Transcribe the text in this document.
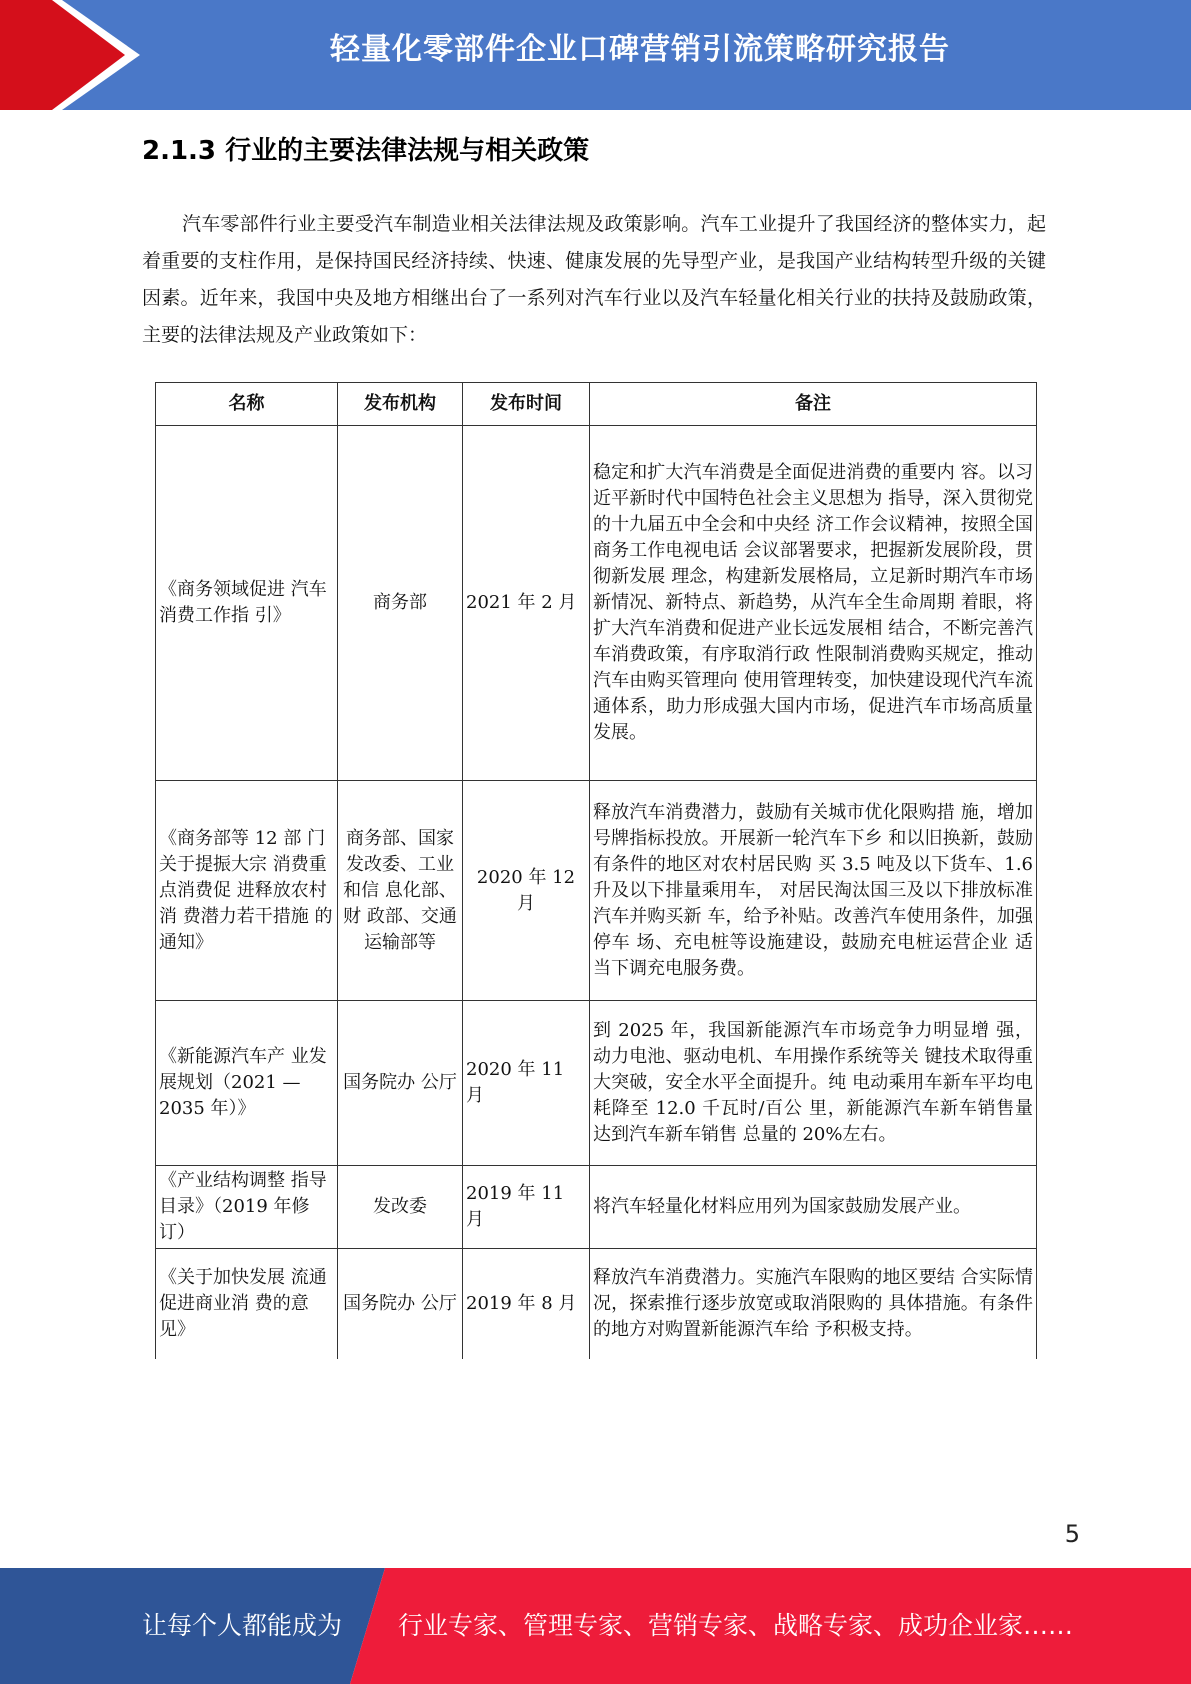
轻量化零部件企业口碑营销引流策略研究报告
2.1.3 行业的主要法律法规与相关政策
汽车零部件行业主要受汽车制造业相关法律法规及政策影响。汽车工业提升了我国经济的整体实力，起着重要的支柱作用，是保持国民经济持续、快速、健康发展的先导型产业，是我国产业结构转型升级的关键因素。近年来，我国中央及地方相继出台了一系列对汽车行业以及汽车轻量化相关行业的扶持及鼓励政策，主要的法律法规及产业政策如下：
名称	发布机构	发布时间	备注
《商务领域促进 汽车消费工作指 引》	商务部	2021 年 2 月	稳定和扩大汽车消费是全面促进消费的重要内 容。以习近平新时代中国特色社会主义思想为 指导，深入贯彻党的十九届五中全会和中央经 济工作会议精神，按照全国商务工作电视电话 会议部署要求，把握新发展阶段，贯彻新发展 理念，构建新发展格局，立足新时期汽车市场 新情况、新特点、新趋势，从汽车全生命周期 着眼，将扩大汽车消费和促进产业长远发展相 结合，不断完善汽车消费政策，有序取消行政 性限制消费购买规定，推动汽车由购买管理向 使用管理转变，加快建设现代汽车流通体系，助力形成强大国内市场，促进汽车市场高质量 发展。
《商务部等 12 部 门关于提振大宗 消费重点消费促 进释放农村消 费潜力若干措施 的通知》	商务部、国家发改委、工业和信 息化部、财 政部、交通运输部等	2020 年 12 月	释放汽车消费潜力，鼓励有关城市优化限购措 施，增加号牌指标投放。开展新一轮汽车下乡 和以旧换新，鼓励有条件的地区对农村居民购 买 3.5 吨及以下货车、1.6 升及以下排量乘用车， 对居民淘汰国三及以下排放标准汽车并购买新 车，给予补贴。改善汽车使用条件，加强停车 场、充电桩等设施建设，鼓励充电桩运营企业 适当下调充电服务费。
《新能源汽车产 业发展规划（2021 —2035 年）》	国务院办 公厅	2020 年 11 月	到 2025 年，我国新能源汽车市场竞争力明显增 强，动力电池、驱动电机、车用操作系统等关 键技术取得重大突破，安全水平全面提升。纯 电动乘用车新车平均电耗降至 12.0 千瓦时/百公 里，新能源汽车新车销售量达到汽车新车销售 总量的 20%左右。
《产业结构调整 指导目录》（2019 年修订）	发改委	2019 年 11 月	将汽车轻量化材料应用列为国家鼓励发展产业。
《关于加快发展 流通促进商业消 费的意见》	国务院办 公厅	2019 年 8 月	释放汽车消费潜力。实施汽车限购的地区要结 合实际情况，探索推行逐步放宽或取消限购的 具体措施。有条件的地方对购置新能源汽车给 予积极支持。
5
让每个人都能成为 行业专家、管理专家、营销专家、战略专家、成功企业家……
